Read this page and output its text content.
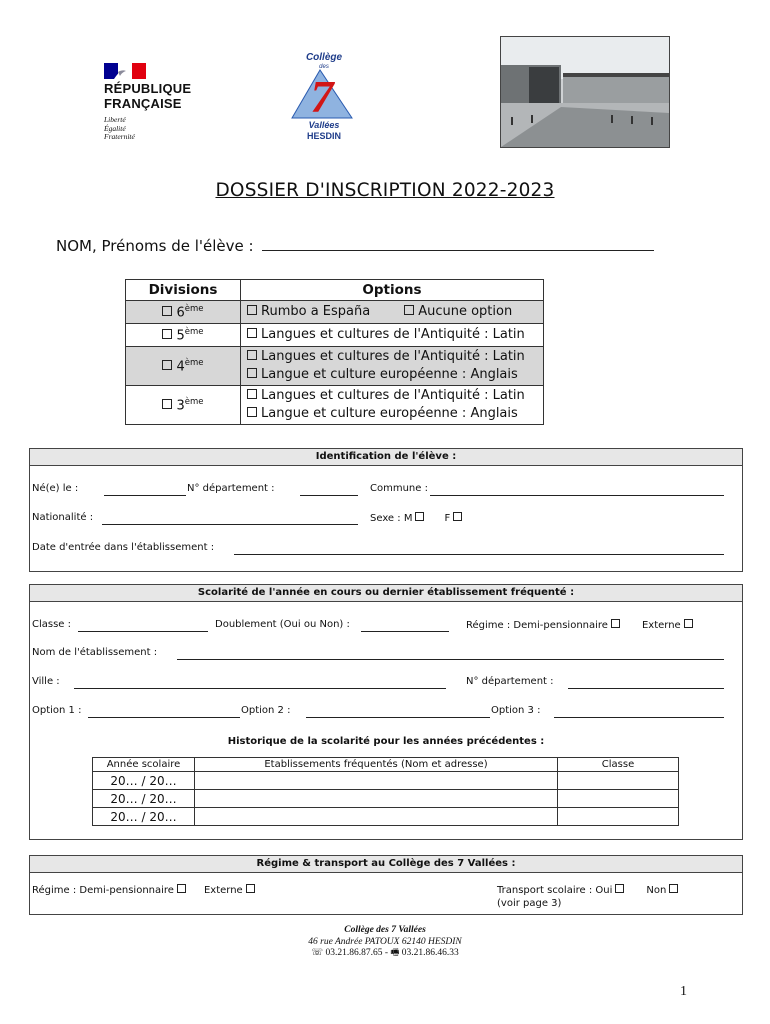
RÉPUBLIQUE
FRANÇAISE
Liberté
Égalité
Fraternité
Collège
des
7
Vallées
HESDIN
DOSSIER D'INSCRIPTION 2022-2023
NOM, Prénoms de l'élève :
Divisions	Options
6ème	Rumbo a España Aucune option
5ème	Langues et cultures de l'Antiquité : Latin
4ème	Langues et cultures de l'Antiquité : Latin
Langue et culture européenne : Anglais

3ème	Langues et cultures de l'Antiquité : Latin
Langue et culture européenne : Anglais
Identification de l'élève :
Né(e) le :	N° département :	Commune :
Nationalité :	Sexe : M	F
Date d'entrée dans l'établissement :
Scolarité de l'année en cours ou dernier établissement fréquenté :
Classe :	Doublement (Oui ou Non) :	Régime : Demi-pensionnaire	Externe
Nom de l'établissement :
Ville :	N° département :
Option 1 :	Option 2 :	Option 3 :
Historique de la scolarité pour les années précédentes :
Année scolaire	Etablissements fréquentés (Nom et adresse)	Classe
20… / 20…		
20… / 20…		
20… / 20…		
Régime & transport au Collège des 7 Vallées :
Régime : Demi-pensionnaire	Externe	Transport scolaire : Oui	Non
(voir page 3)
Collège des 7 Vallées
46 rue Andrée PATOUX 62140 HESDIN
☏ 03.21.86.87.65 - 🖷 03.21.86.46.33
1
